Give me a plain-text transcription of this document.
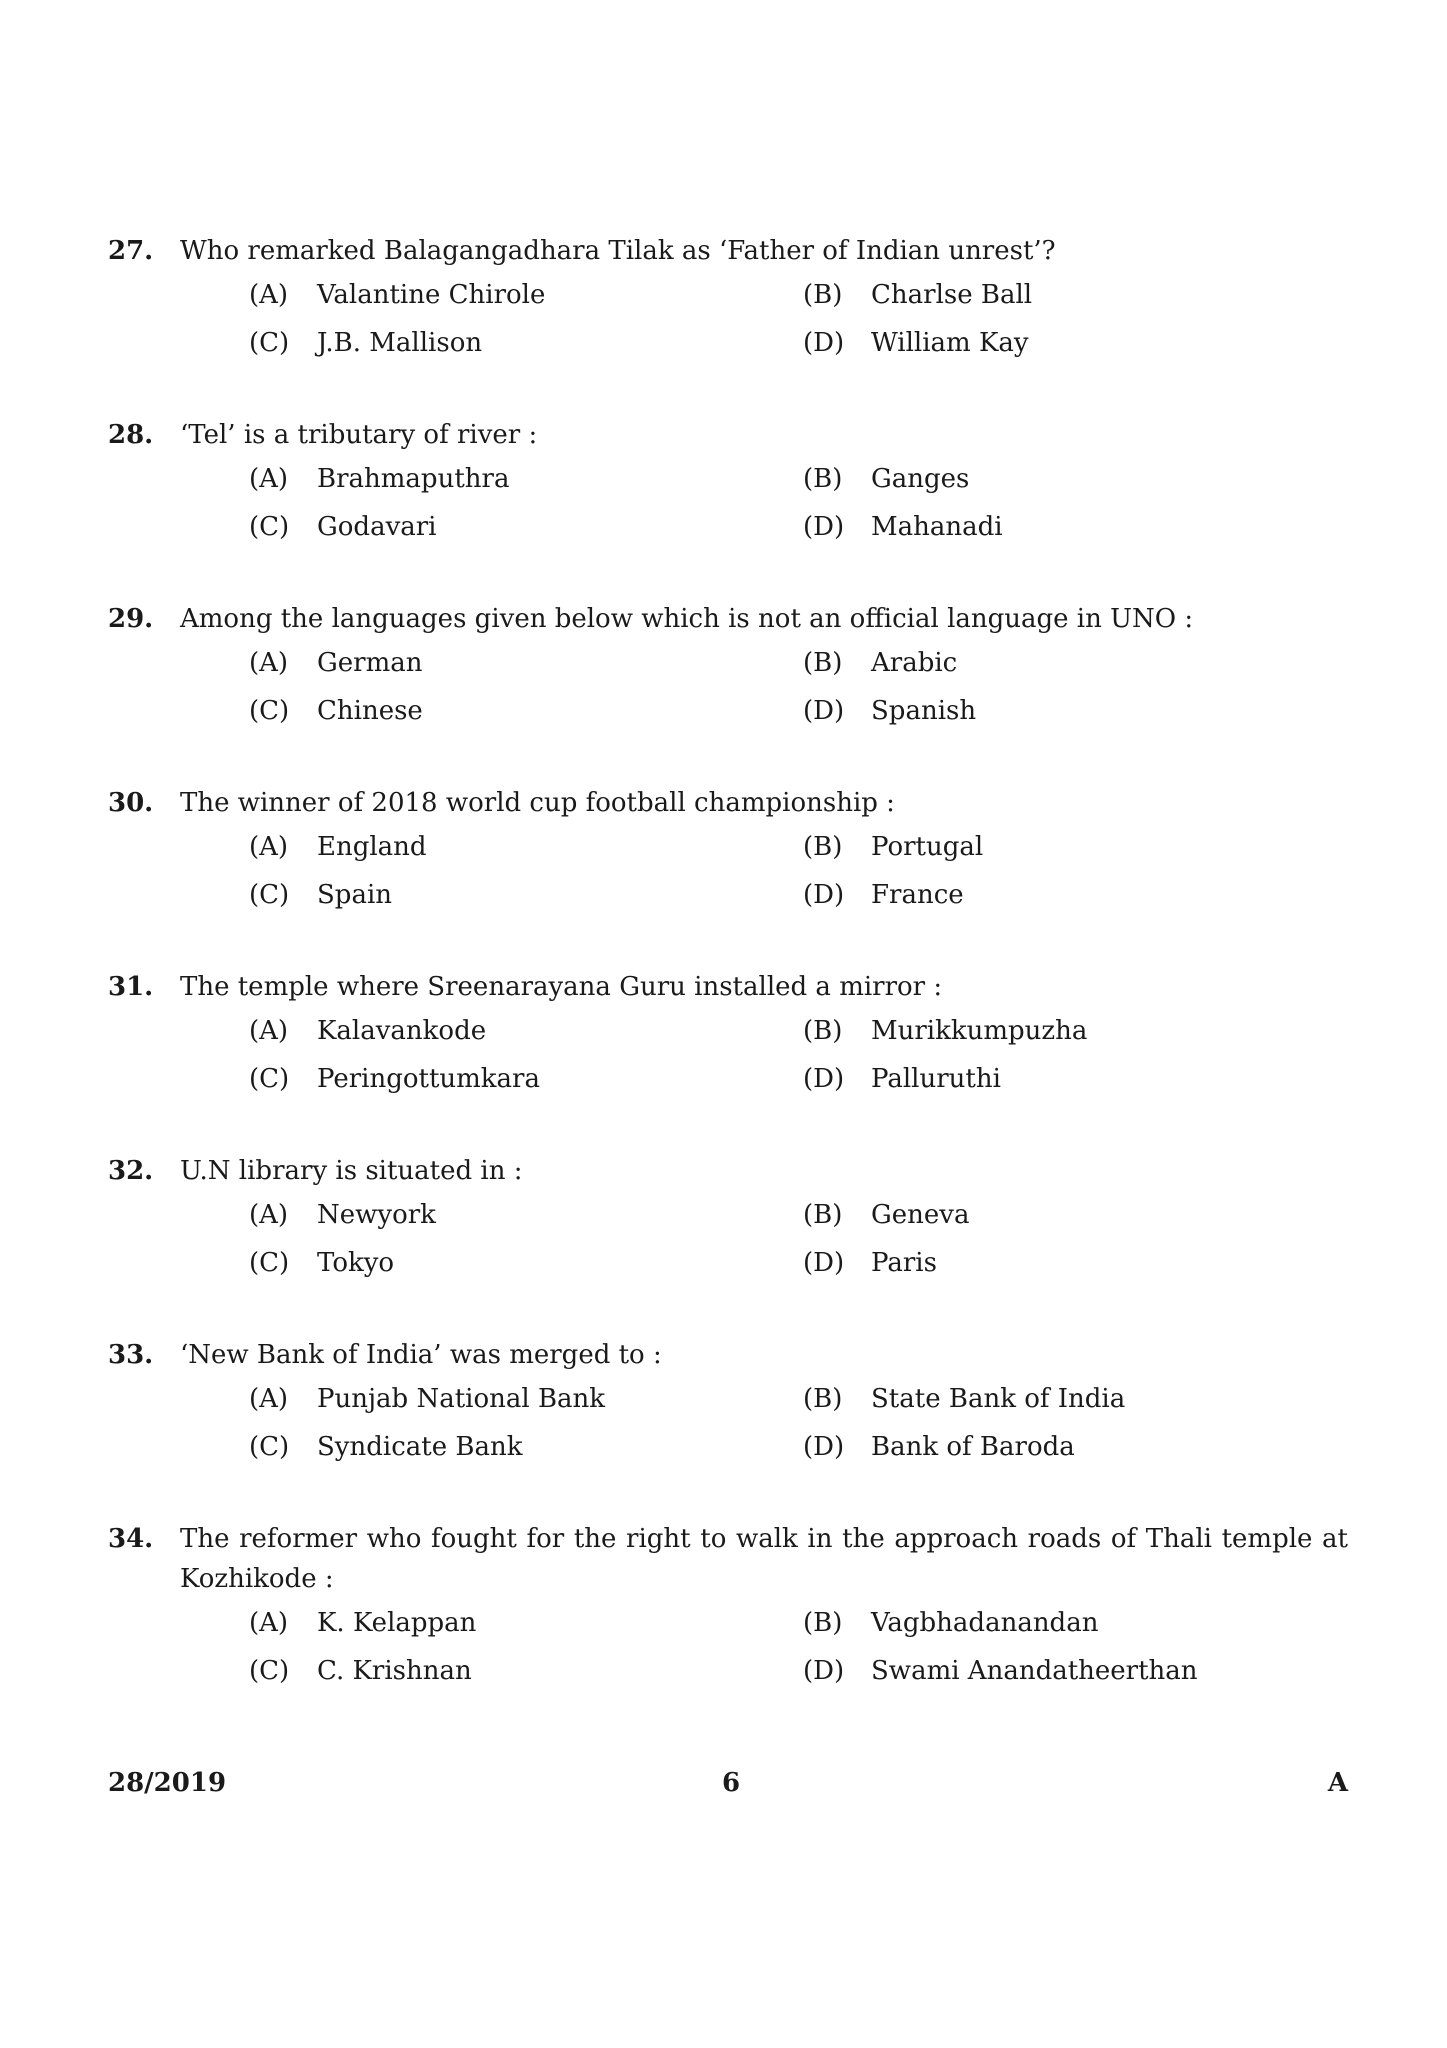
27. Who remarked Balagangadhara Tilak as ‘Father of Indian unrest’?
(A) Valantine Chirole	(B) Charlse Ball
(C) J.B. Mallison	(D) William Kay
28. ‘Tel’ is a tributary of river :
(A) Brahmaputhra	(B) Ganges
(C) Godavari	(D) Mahanadi
29. Among the languages given below which is not an official language in UNO :
(A) German	(B) Arabic
(C) Chinese	(D) Spanish
30. The winner of 2018 world cup football championship :
(A) England	(B) Portugal
(C) Spain	(D) France
31. The temple where Sreenarayana Guru installed a mirror :
(A) Kalavankode	(B) Murikkumpuzha
(C) Peringottumkara	(D) Palluruthi
32. U.N library is situated in :
(A) Newyork	(B) Geneva
(C) Tokyo	(D) Paris
33. ‘New Bank of India’ was merged to :
(A) Punjab National Bank	(B) State Bank of India
(C) Syndicate Bank	(D) Bank of Baroda
34. The reformer who fought for the right to walk in the approach roads of Thali temple at Kozhikode :
(A) K. Kelappan	(B) Vagbhadanandan
(C) C. Krishnan	(D) Swami Anandatheerthan
28/2019	6	A
